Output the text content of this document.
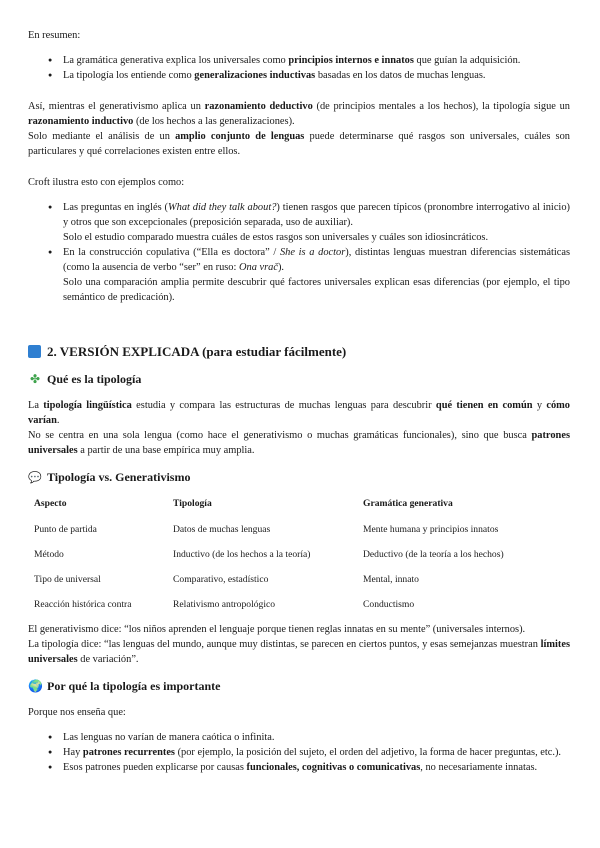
En resumen:

● La gramática generativa explica los universales como principios internos e innatos que guían la adquisición.
● La tipología los entiende como generalizaciones inductivas basadas en los datos de muchas lenguas.

Así, mientras el generativismo aplica un razonamiento deductivo (de principios mentales a los hechos), la tipología sigue un razonamiento inductivo (de los hechos a las generalizaciones).

Solo mediante el análisis de un amplio conjunto de lenguas puede determinarse qué rasgos son universales, cuáles son particulares y qué correlaciones existen entre ellos.

Croft ilustra esto con ejemplos como:

● Las preguntas en inglés (What did they talk about?) tienen rasgos que parecen típicos (pronombre interrogativo al inicio) y otros que son excepcionales (preposición separada, uso de auxiliar).
Solo el estudio comparado muestra cuáles de estos rasgos son universales y cuáles son idiosincráticos.
● En la construcción copulativa (“Ella es doctora” / She is a doctor), distintas lenguas muestran diferencias sistemáticas (como la ausencia de verbo “ser” en ruso: Ona vrač).
Solo una comparación amplia permite descubrir qué factores universales explican esas diferencias (por ejemplo, el tipo semántico de predicación).
2. VERSIÓN EXPLICADA (para estudiar fácilmente)
✤ Qué es la tipología

La tipología lingüística estudia y compara las estructuras de muchas lenguas para descubrir qué tienen en común y cómo varían.

No se centra en una sola lengua (como hace el generativismo o muchas gramáticas funcionales), sino que busca patrones universales a partir de una base empírica muy amplia.

💬 Tipología vs. Generativismo
Aspecto	Tipología	Gramática generativa
Punto de partida	Datos de muchas lenguas	Mente humana y principios innatos
Método	Inductivo (de los hechos a la teoría)	Deductivo (de la teoría a los hechos)
Tipo de universal	Comparativo, estadístico	Mental, innato
Reacción histórica contra	Relativismo antropológico	Conductismo

El generativismo dice: “los niños aprenden el lenguaje porque tienen reglas innatas en su mente” (universales internos).

La tipología dice: “las lenguas del mundo, aunque muy distintas, se parecen en ciertos puntos, y esas semejanzas muestran límites universales de variación”.

🌍 Por qué la tipología es importante

Porque nos enseña que:

● Las lenguas no varían de manera caótica o infinita.
● Hay patrones recurrentes (por ejemplo, la posición del sujeto, el orden del adjetivo, la forma de hacer preguntas, etc.).
● Esos patrones pueden explicarse por causas funcionales, cognitivas o comunicativas, no necesariamente innatas.
